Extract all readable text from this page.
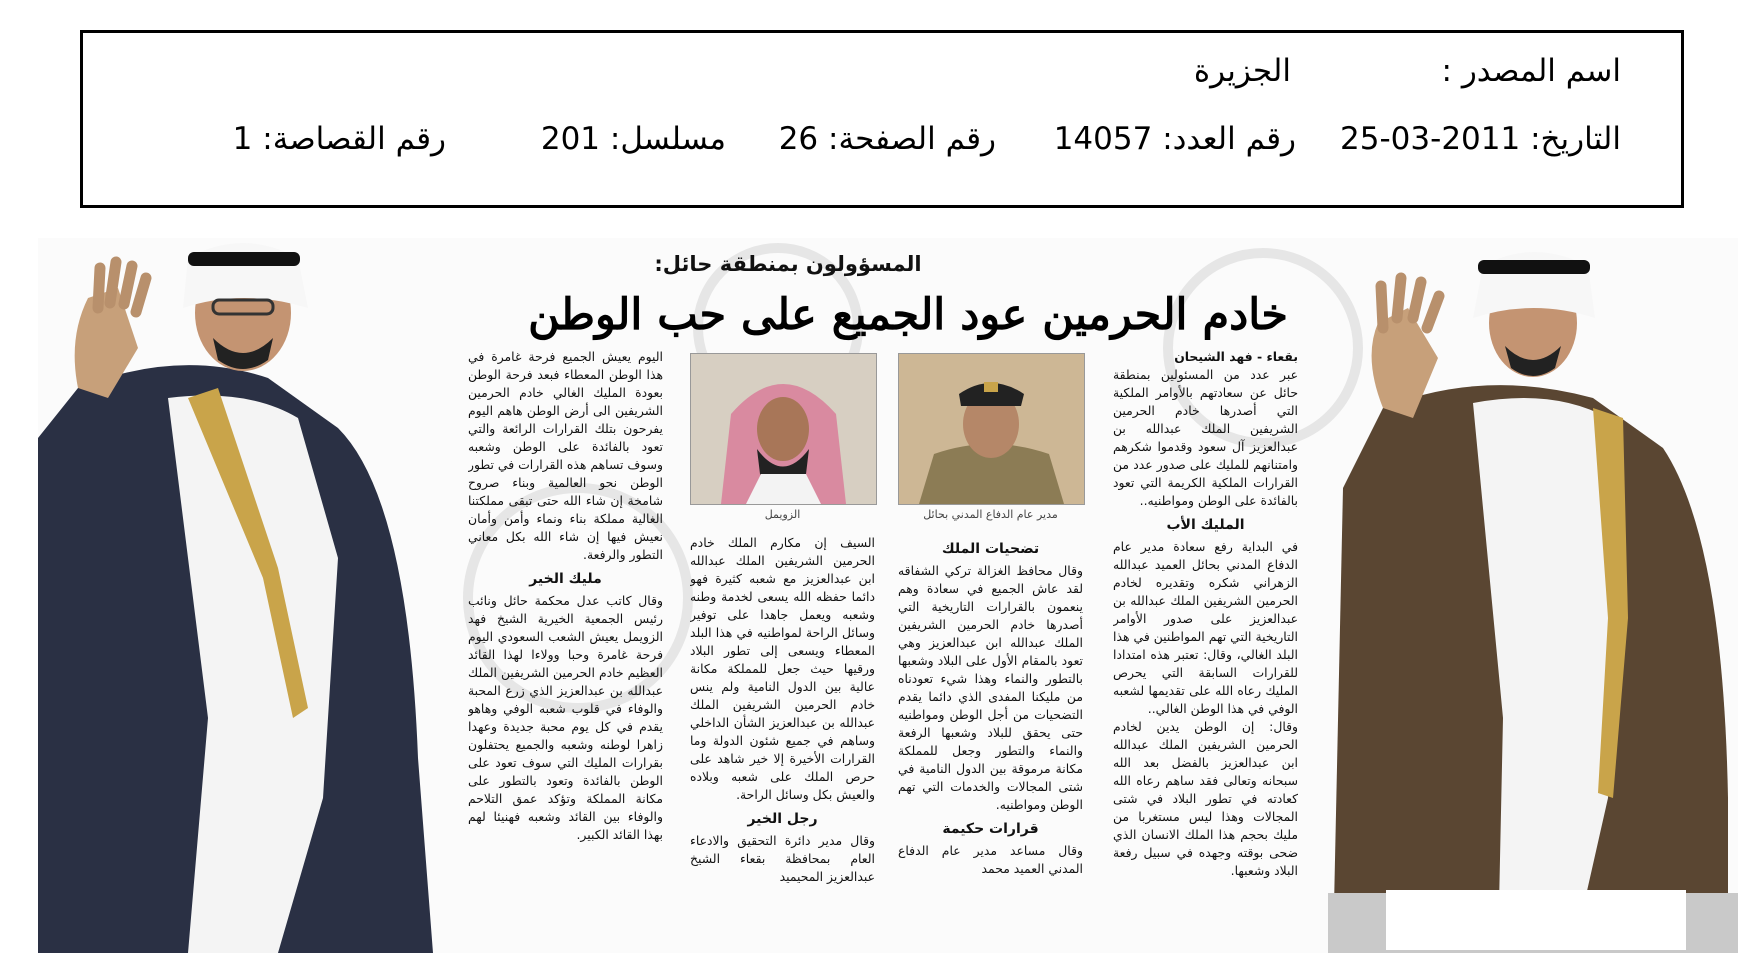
اسم المصدر :
الجزيرة
التاريخ: 2011-03-25
رقم العدد: 14057
رقم الصفحة: 26
مسلسل: 201
رقم القصاصة: 1
المسؤولون بمنطقة حائل:
خادم الحرمين عود الجميع على حب الوطن

بقعاء - فهد الشيحان

عبر عدد من المسئولين بمنطقة حائل عن سعادتهم بالأوامر الملكية التي أصدرها خادم الحرمين الشريفين الملك عبدالله بن عبدالعزيز آل سعود وقدموا شكرهم وامتنانهم للمليك على صدور عدد من القرارات الملكية الكريمة التي تعود بالفائدة على الوطن ومواطنيه..

المليك الأب

في البداية رفع سعادة مدير عام الدفاع المدني بحائل العميد عبدالله الزهراني شكره وتقديره لخادم الحرمين الشريفين الملك عبدالله بن عبدالعزيز على صدور الأوامر التاريخية التي تهم المواطنين في هذا البلد الغالي، وقال: تعتبر هذه امتدادا للقرارات السابقة التي يحرص المليك رعاه الله على تقديمها لشعبه الوفي في هذا الوطن الغالي..

وقال: إن الوطن يدين لخادم الحرمين الشريفين الملك عبدالله ابن عبدالعزيز بالفضل بعد الله سبحانه وتعالى فقد ساهم رعاه الله كعادته في تطور البلاد في شتى المجالات وهذا ليس مستغربا من مليك بحجم هذا الملك الانسان الذي ضحى بوقته وجهده في سبيل رفعة البلاد وشعبها.

مدير عام الدفاع المدني بحائل
تضحيات الملك

وقال محافظ الغزالة تركي الشفاقه لقد عاش الجميع في سعادة وهم ينعمون بالقرارات التاريخية التي أصدرها خادم الحرمين الشريفين الملك عبدالله ابن عبدالعزيز وهي تعود بالمقام الأول على البلاد وشعبها بالتطور والنماء وهذا شيء تعودناه من مليكنا المفدى الذي دائما يقدم التضحيات من أجل الوطن ومواطنيه حتى يحقق للبلاد وشعبها الرفعة والنماء والتطور وجعل للمملكة مكانة مرموقة بين الدول النامية في شتى المجالات والخدمات التي تهم الوطن ومواطنيه.

قرارات حكيمة

وقال مساعد مدير عام الدفاع المدني العميد محمد

الزويمل

السيف إن مكارم الملك خادم الحرمين الشريفين الملك عبدالله ابن عبدالعزيز مع شعبه كثيرة فهو دائما حفظه الله يسعى لخدمة وطنه وشعبه ويعمل جاهدا على توفير وسائل الراحة لمواطنيه في هذا البلد المعطاء ويسعى إلى تطور البلاد ورقيها حيث جعل للمملكة مكانة عالية بين الدول النامية ولم ينس خادم الحرمين الشريفين الملك عبدالله بن عبدالعزيز الشأن الداخلي وساهم في جميع شئون الدولة وما القرارات الأخيرة إلا خير شاهد على حرص الملك على شعبه وبلاده والعيش بكل وسائل الراحة.

رجل الخير

وقال مدير دائرة التحقيق والادعاء العام بمحافظة بقعاء الشيخ عبدالعزيز المحيميد

اليوم يعيش الجميع فرحة غامرة في هذا الوطن المعطاء فبعد فرحة الوطن بعودة المليك الغالي خادم الحرمين الشريفين الى أرض الوطن هاهم اليوم يفرحون بتلك القرارات الرائعة والتي تعود بالفائدة على الوطن وشعبه وسوف تساهم هذه القرارات في تطور الوطن نحو العالمية وبناء صروح شامخة إن شاء الله حتى تبقى مملكتنا الغالية مملكة بناء ونماء وأمن وأمان نعيش فيها إن شاء الله بكل معاني التطور والرفعة.

مليك الخير

وقال كاتب عدل محكمة حائل ونائب رئيس الجمعية الخيرية الشيخ فهد الزويمل يعيش الشعب السعودي اليوم فرحة غامرة وحبا وولاءا لهذا القائد العظيم خادم الحرمين الشريفين الملك عبدالله بن عبدالعزيز الذي زرع المحبة والوفاء في قلوب شعبه الوفي وهاهو يقدم في كل يوم محبة جديدة وعهدا زاهرا لوطنه وشعبه والجميع يحتفلون بقرارات المليك التي سوف تعود على الوطن بالفائدة وتعود بالتطور على مكانة المملكة وتؤكد عمق التلاحم والوفاء بين القائد وشعبه فهنيئا لهم بهذا القائد الكبير.
